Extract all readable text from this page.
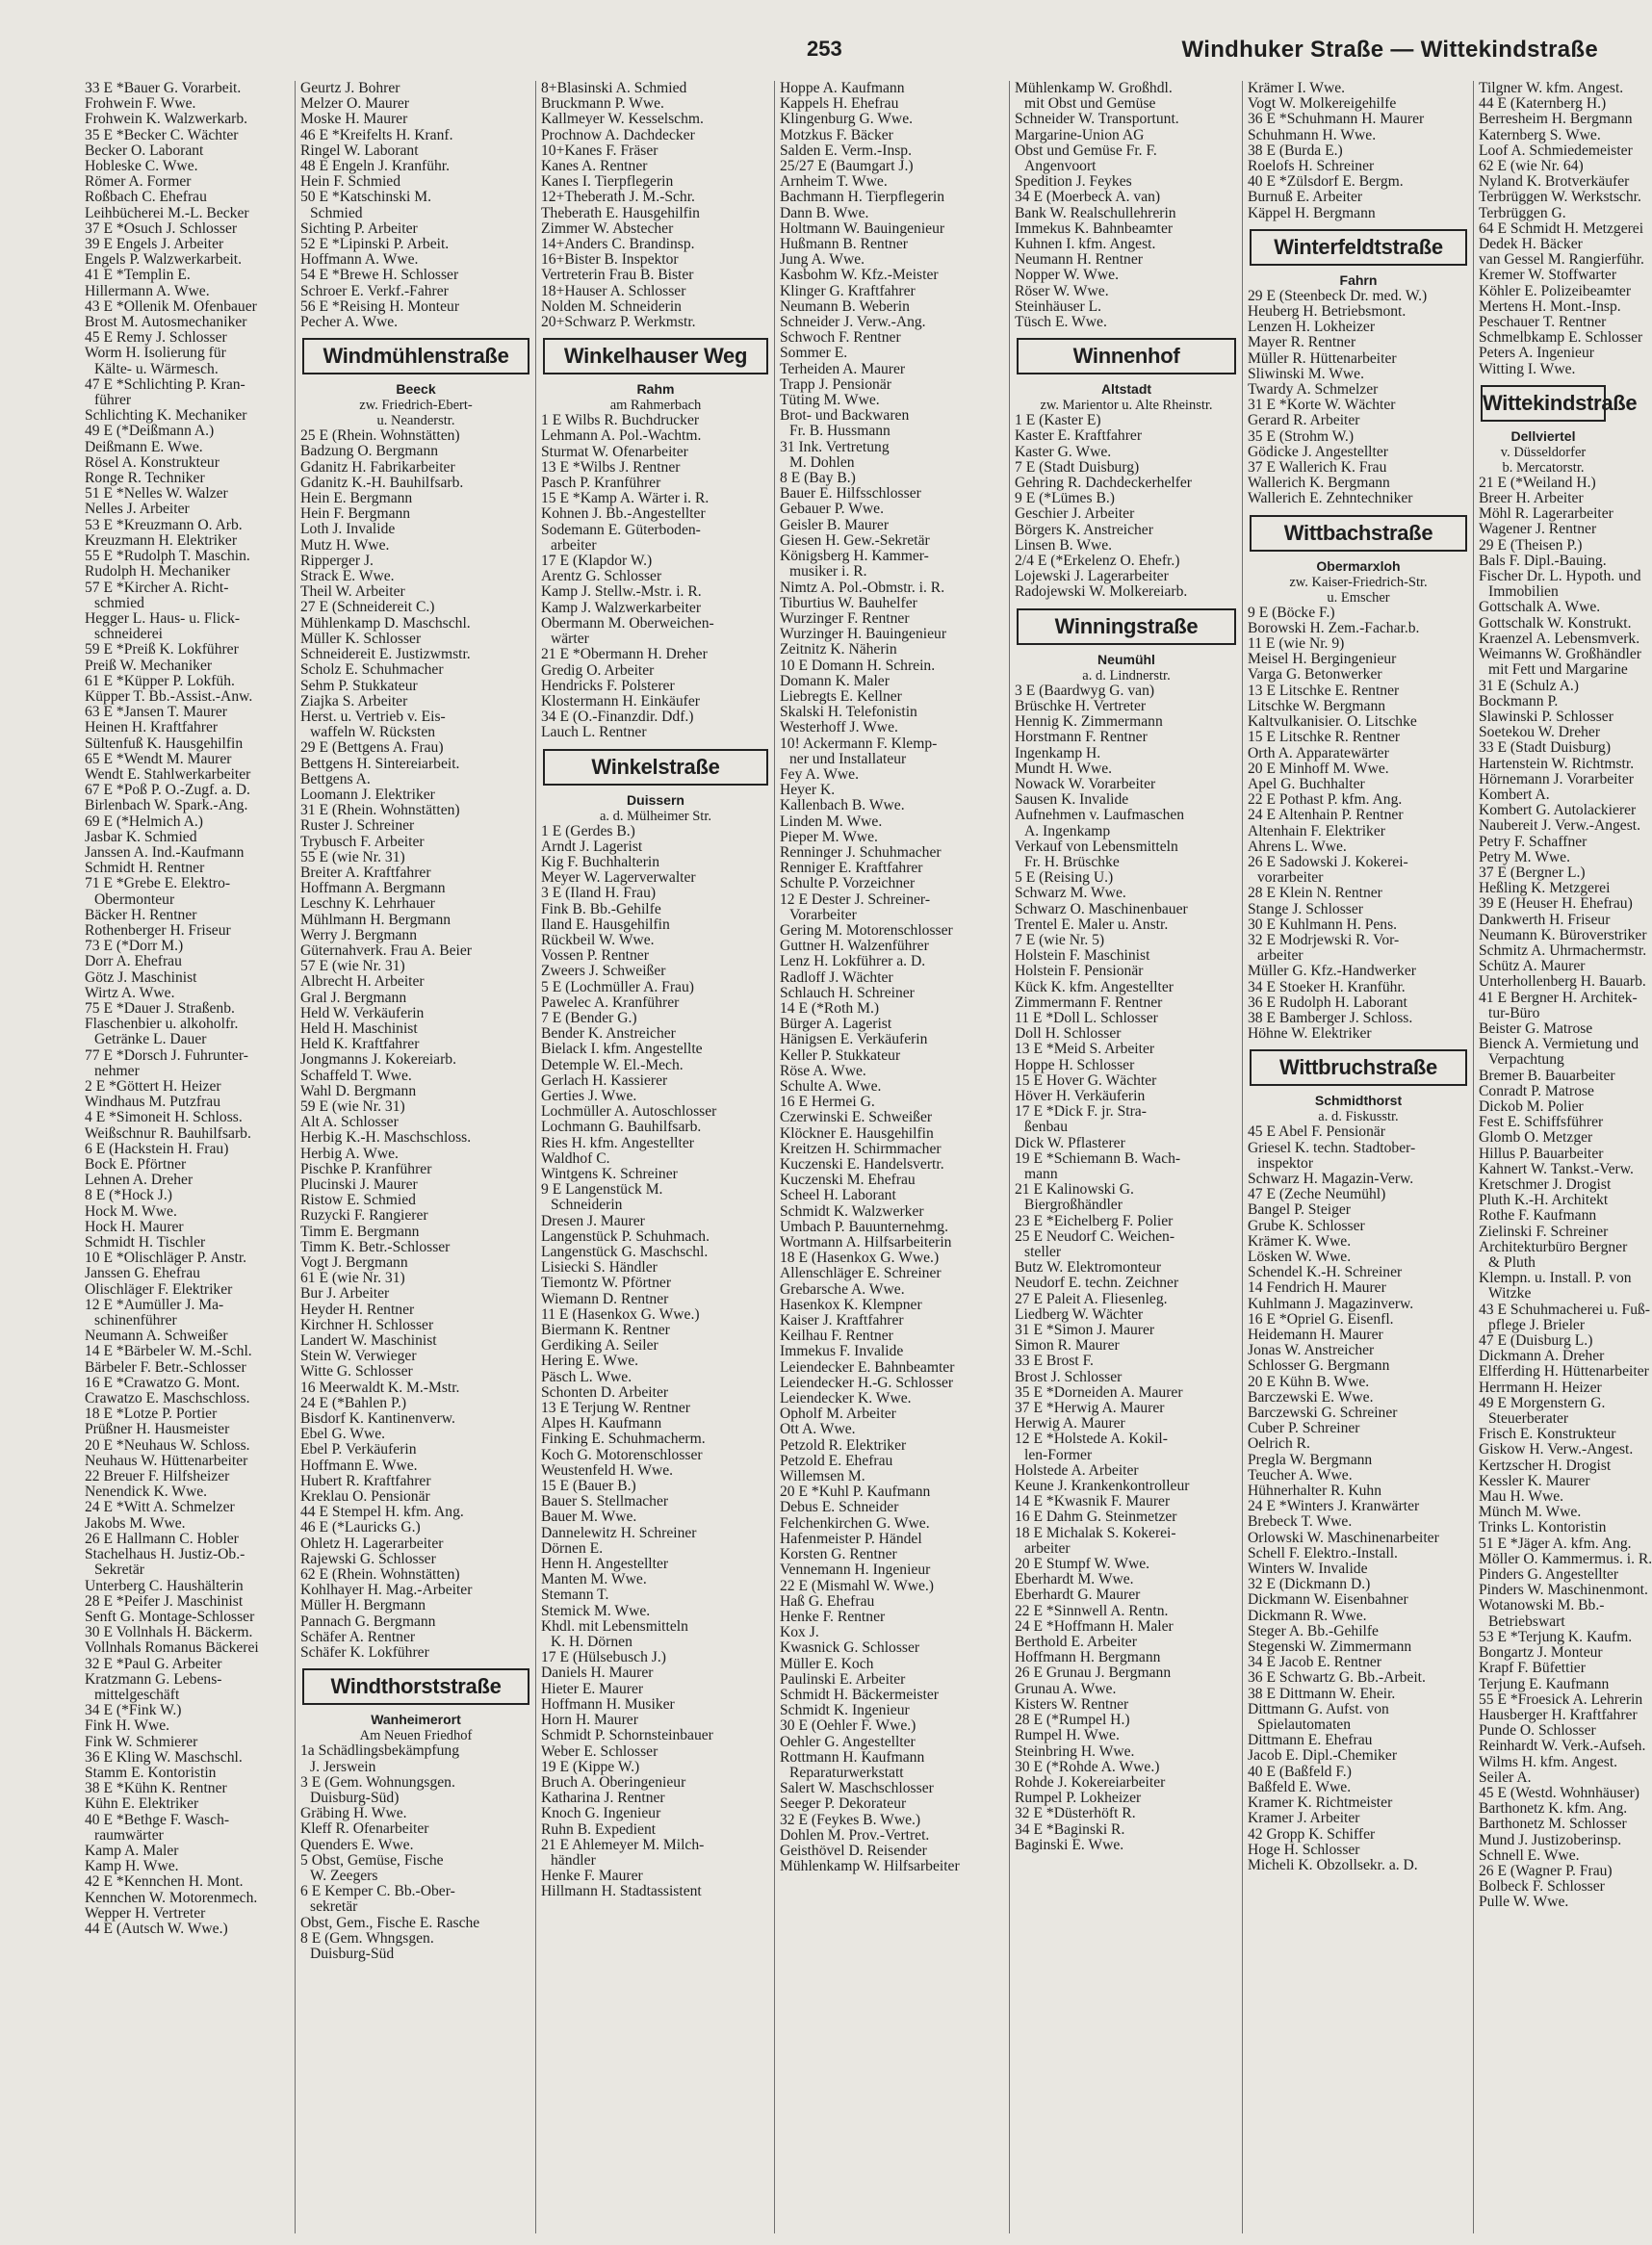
253	Windhuker Straße — Wittekindstraße
33 E *Bauer G. Vorarbeit.
Frohwein F. Wwe.
Frohwein K. Walzwerkarb.
35 E *Becker C. Wächter
Becker O. Laborant
Hobleske C. Wwe.
Römer A. Former
Roßbach C. Ehefrau
Leihbücherei M.-L. Becker
37 E *Osuch J. Schlosser
39 E Engels J. Arbeiter
Engels P. Walzwerkarbeit.
41 E *Templin E.
Hillermann A. Wwe.
43 E *Ollenik M. Ofenbauer
Brost M. Autosmechaniker
45 E Remy J. Schlosser
Worm H. Isolierung für
Kälte- u. Wärmesch.
47 E *Schlichting P. Kran-
führer
Schlichting K. Mechaniker
49 E (*Deißmann A.)
Deißmann E. Wwe.
Rösel A. Konstrukteur
Ronge R. Techniker
51 E *Nelles W. Walzer
Nelles J. Arbeiter
53 E *Kreuzmann O. Arb.
Kreuzmann H. Elektriker
55 E *Rudolph T. Maschin.
Rudolph H. Mechaniker
57 E *Kircher A. Richt-
schmied
Hegger L. Haus- u. Flick-
schneiderei
59 E *Preiß K. Lokführer
Preiß W. Mechaniker
61 E *Küpper P. Lokfüh.
Küpper T. Bb.-Assist.-Anw.
63 E *Jansen T. Maurer
Heinen H. Kraftfahrer
Sültenfuß K. Hausgehilfin
65 E *Wendt M. Maurer
Wendt E. Stahlwerkarbeiter
67 E *Poß P. O.-Zugf. a. D.
Birlenbach W. Spark.-Ang.
69 E (*Helmich A.)
Jasbar K. Schmied
Janssen A. Ind.-Kaufmann
Schmidt H. Rentner
71 E *Grebe E. Elektro-
Obermonteur
Bäcker H. Rentner
Rothenberger H. Friseur
73 E (*Dorr M.)
Dorr A. Ehefrau
Götz J. Maschinist
Wirtz A. Wwe.
75 E *Dauer J. Straßenb.
Flaschenbier u. alkoholfr.
Getränke L. Dauer
77 E *Dorsch J. Fuhrunter-
nehmer
2 E *Göttert H. Heizer
Windhaus M. Putzfrau
4 E *Simoneit H. Schloss.
Weißschnur R. Bauhilfsarb.
6 E (Hackstein H. Frau)
Bock E. Pförtner
Lehnen A. Dreher
8 E (*Hock J.)
Hock M. Wwe.
Hock H. Maurer
Schmidt H. Tischler
10 E *Olischläger P. Anstr.
Janssen G. Ehefrau
Olischläger F. Elektriker
12 E *Aumüller J. Ma-
schinenführer
Neumann A. Schweißer
14 E *Bärbeler W. M.-Schl.
Bärbeler F. Betr.-Schlosser
16 E *Crawatzo G. Mont.
Crawatzo E. Maschschloss.
18 E *Lotze P. Portier
Prüßner H. Hausmeister
20 E *Neuhaus W. Schloss.
Neuhaus W. Hüttenarbeiter
22 Breuer F. Hilfsheizer
Nenendick K. Wwe.
24 E *Witt A. Schmelzer
Jakobs M. Wwe.
26 E Hallmann C. Hobler
Stachelhaus H. Justiz-Ob.-
Sekretär
Unterberg C. Haushälterin
28 E *Peifer J. Maschinist
Senft G. Montage-Schlosser
30 E Vollnhals H. Bäckerm.
Vollnhals Romanus Bäckerei
32 E *Paul G. Arbeiter
Kratzmann G. Lebens-
mittelgeschäft
34 E (*Fink W.)
Fink H. Wwe.
Fink W. Schmierer
36 E Kling W. Maschschl.
Stamm E. Kontoristin
38 E *Kühn K. Rentner
Kühn E. Elektriker
40 E *Bethge F. Wasch-
raumwärter
Kamp A. Maler
Kamp H. Wwe.
42 E *Kennchen H. Mont.
Kennchen W. Motorenmech.
Wepper H. Vertreter
44 E (Autsch W. Wwe.)
Geurtz J. Bohrer
Melzer O. Maurer
Moske H. Maurer
46 E *Kreifelts H. Kranf.
Ringel W. Laborant
48 E Engeln J. Kranführ.
Hein F. Schmied
50 E *Katschinski M.
Schmied
Sichting P. Arbeiter
52 E *Lipinski P. Arbeit.
Hoffmann A. Wwe.
54 E *Brewe H. Schlosser
Schroer E. Verkf.-Fahrer
56 E *Reising H. Monteur
Pecher A. Wwe.
Windmühlenstraße
Beeck
zw. Friedrich-Ebert-
u. Neanderstr.
25 E (Rhein. Wohnstätten)
Badzung O. Bergmann
Gdanitz H. Fabrikarbeiter
Gdanitz K.-H. Bauhilfsarb.
Hein E. Bergmann
Hein F. Bergmann
Loth J. Invalide
Mutz H. Wwe.
Ripperger J.
Strack E. Wwe.
Theil W. Arbeiter
27 E (Schneidereit C.)
Mühlenkamp D. Maschschl.
Müller K. Schlosser
Schneidereit E. Justizwmstr.
Scholz E. Schuhmacher
Sehm P. Stukkateur
Ziajka S. Arbeiter
Herst. u. Vertrieb v. Eis-
waffeln W. Rücksten
29 E (Bettgens A. Frau)
Bettgens H. Sintereiarbeit.
Bettgens A.
Loomann J. Elektriker
31 E (Rhein. Wohnstätten)
Ruster J. Schreiner
Trybusch F. Arbeiter
55 E (wie Nr. 31)
Breiter A. Kraftfahrer
Hoffmann A. Bergmann
Leschny K. Lehrhauer
Mühlmann H. Bergmann
Werry J. Bergmann
Güternahverk. Frau A. Beier
57 E (wie Nr. 31)
Albrecht H. Arbeiter
Gral J. Bergmann
Held W. Verkäuferin
Held H. Maschinist
Held K. Kraftfahrer
Jongmanns J. Kokereiarb.
Schaffeld T. Wwe.
Wahl D. Bergmann
59 E (wie Nr. 31)
Alt A. Schlosser
Herbig K.-H. Maschschloss.
Herbig A. Wwe.
Pischke P. Kranführer
Plucinski J. Maurer
Ristow E. Schmied
Ruzycki F. Rangierer
Timm E. Bergmann
Timm K. Betr.-Schlosser
Vogt J. Bergmann
61 E (wie Nr. 31)
Bur J. Arbeiter
Heyder H. Rentner
Kirchner H. Schlosser
Landert W. Maschinist
Stein W. Verwieger
Witte G. Schlosser
16 Meerwaldt K. M.-Mstr.
24 E (*Bahlen P.)
Bisdorf K. Kantinenverw.
Ebel G. Wwe.
Ebel P. Verkäuferin
Hoffmann E. Wwe.
Hubert R. Kraftfahrer
Kreklau O. Pensionär
44 E Stempel H. kfm. Ang.
46 E (*Lauricks G.)
Ohletz H. Lagerarbeiter
Rajewski G. Schlosser
62 E (Rhein. Wohnstätten)
Kohlhayer H. Mag.-Arbeiter
Müller H. Bergmann
Pannach G. Bergmann
Schäfer A. Rentner
Schäfer K. Lokführer
Windthorststraße
Wanheimerort
Am Neuen Friedhof
1a Schädlingsbekämpfung
J. Jerswein
3 E (Gem. Wohnungsgen.
Duisburg-Süd)
Gräbing H. Wwe.
Kleff R. Ofenarbeiter
Quenders E. Wwe.
5 Obst, Gemüse, Fische
W. Zeegers
6 E Kemper C. Bb.-Ober-
sekretär
Obst, Gem., Fische E. Rasche
8 E (Gem. Whngsgen.
Duisburg-Süd
8+Blasinski A. Schmied
Bruckmann P. Wwe.
Kallmeyer W. Kesselschm.
Prochnow A. Dachdecker
10+Kanes F. Fräser
Kanes A. Rentner
Kanes I. Tierpflegerin
12+Theberath J. M.-Schr.
Theberath E. Hausgehilfin
Zimmer W. Abstecher
14+Anders C. Brandinsp.
16+Bister B. Inspektor
Vertreterin Frau B. Bister
18+Hauser A. Schlosser
Nolden M. Schneiderin
20+Schwarz P. Werkmstr.
Winkelhauser Weg
Rahm
am Rahmerbach
1 E Wilbs R. Buchdrucker
Lehmann A. Pol.-Wachtm.
Sturmat W. Ofenarbeiter
13 E *Wilbs J. Rentner
Pasch P. Kranführer
15 E *Kamp A. Wärter i. R.
Kohnen J. Bb.-Angestellter
Sodemann E. Güterboden-
arbeiter
17 E (Klapdor W.)
Arentz G. Schlosser
Kamp J. Stellw.-Mstr. i. R.
Kamp J. Walzwerkarbeiter
Obermann M. Oberweichen-
wärter
21 E *Obermann H. Dreher
Gredig O. Arbeiter
Hendricks F. Polsterer
Klostermann H. Einkäufer
34 E (O.-Finanzdir. Ddf.)
Lauch L. Rentner
Winkelstraße
Duissern
a. d. Mülheimer Str.
1 E (Gerdes B.)
Arndt J. Lagerist
Kig F. Buchhalterin
Meyer W. Lagerverwalter
3 E (Iland H. Frau)
Fink B. Bb.-Gehilfe
Iland E. Hausgehilfin
Rückbeil W. Wwe.
Vossen P. Rentner
Zweers J. Schweißer
5 E (Lochmüller A. Frau)
Pawelec A. Kranführer
7 E (Bender G.)
Bender K. Anstreicher
Bielack I. kfm. Angestellte
Detemple W. El.-Mech.
Gerlach H. Kassierer
Gerties J. Wwe.
Lochmüller A. Autoschlosser
Lochmann G. Bauhilfsarb.
Ries H. kfm. Angestellter
Waldhof C.
Wintgens K. Schreiner
9 E Langenstück M.
Schneiderin
Dresen J. Maurer
Langenstück P. Schuhmach.
Langenstück G. Maschschl.
Lisiecki S. Händler
Tiemontz W. Pförtner
Wiemann D. Rentner
11 E (Hasenkox G. Wwe.)
Biermann K. Rentner
Gerdiking A. Seiler
Hering E. Wwe.
Päsch L. Wwe.
Schonten D. Arbeiter
13 E Terjung W. Rentner
Alpes H. Kaufmann
Finking E. Schuhmacherm.
Koch G. Motorenschlosser
Weustenfeld H. Wwe.
15 E (Bauer B.)
Bauer S. Stellmacher
Bauer M. Wwe.
Dannelewitz H. Schreiner
Dörnen E.
Henn H. Angestellter
Manten M. Wwe.
Stemann T.
Stemick M. Wwe.
Khdl. mit Lebensmitteln
K. H. Dörnen
17 E (Hülsebusch J.)
Daniels H. Maurer
Hieter E. Maurer
Hoffmann H. Musiker
Horn H. Maurer
Schmidt P. Schornsteinbauer
Weber E. Schlosser
19 E (Kippe W.)
Bruch A. Oberingenieur
Katharina J. Rentner
Knoch G. Ingenieur
Ruhn B. Expedient
21 E Ahlemeyer M. Milch-
händler
Henke F. Maurer
Hillmann H. Stadtassistent
Hoppe A. Kaufmann
Kappels H. Ehefrau
Klingenburg G. Wwe.
Motzkus F. Bäcker
Salden E. Verm.-Insp.
25/27 E (Baumgart J.)
Arnheim T. Wwe.
Bachmann H. Tierpflegerin
Dann B. Wwe.
Holtmann W. Bauingenieur
Hußmann B. Rentner
Jung A. Wwe.
Kasbohm W. Kfz.-Meister
Klinger G. Kraftfahrer
Neumann B. Weberin
Schneider J. Verw.-Ang.
Schwoch F. Rentner
Sommer E.
Terheiden A. Maurer
Trapp J. Pensionär
Tüting M. Wwe.
Brot- und Backwaren
Fr. B. Hussmann
31 Ink. Vertretung
M. Dohlen
8 E (Bay B.)
Bauer E. Hilfsschlosser
Gebauer P. Wwe.
Geisler B. Maurer
Giesen H. Gew.-Sekretär
Königsberg H. Kammer-
musiker i. R.
Nimtz A. Pol.-Obmstr. i. R.
Tiburtius W. Bauhelfer
Wurzinger F. Rentner
Wurzinger H. Bauingenieur
Zeitnitz K. Näherin
10 E Domann H. Schrein.
Domann K. Maler
Liebregts E. Kellner
Skalski H. Telefonistin
Westerhoff J. Wwe.
10! Ackermann F. Klemp-
ner und Installateur
Fey A. Wwe.
Heyer K.
Kallenbach B. Wwe.
Linden M. Wwe.
Pieper M. Wwe.
Renninger J. Schuhmacher
Renniger E. Kraftfahrer
Schulte P. Vorzeichner
12 E Dester J. Schreiner-
Vorarbeiter
Gering M. Motorenschlosser
Guttner H. Walzenführer
Lenz H. Lokführer a. D.
Radloff J. Wächter
Schlauch H. Schreiner
14 E (*Roth M.)
Bürger A. Lagerist
Hänigsen E. Verkäuferin
Keller P. Stukkateur
Röse A. Wwe.
Schulte A. Wwe.
16 E Hermei G.
Czerwinski E. Schweißer
Klöckner E. Hausgehilfin
Kreitzen H. Schirmmacher
Kuczenski E. Handelsvertr.
Kuczenski M. Ehefrau
Scheel H. Laborant
Schmidt K. Walzwerker
Umbach P. Bauunternehmg.
Wortmann A. Hilfsarbeiterin
18 E (Hasenkox G. Wwe.)
Allenschläger E. Schreiner
Grebarsche A. Wwe.
Hasenkox K. Klempner
Kaiser J. Kraftfahrer
Keilhau F. Rentner
Immekus F. Invalide
Leiendecker E. Bahnbeamter
Leiendecker H.-G. Schlosser
Leiendecker K. Wwe.
Opholf M. Arbeiter
Ott A. Wwe.
Petzold R. Elektriker
Petzold E. Ehefrau
Willemsen M.
20 E *Kuhl P. Kaufmann
Debus E. Schneider
Felchenkirchen G. Wwe.
Hafenmeister P. Händel
Korsten G. Rentner
Vennemann H. Ingenieur
22 E (Mismahl W. Wwe.)
Haß G. Ehefrau
Henke F. Rentner
Kox J.
Kwasnick G. Schlosser
Müller E. Koch
Paulinski E. Arbeiter
Schmidt H. Bäckermeister
Schmidt K. Ingenieur
30 E (Oehler F. Wwe.)
Oehler G. Angestellter
Rottmann H. Kaufmann
Reparaturwerkstatt
Salert W. Maschschlosser
Seeger P. Dekorateur
32 E (Feykes B. Wwe.)
Dohlen M. Prov.-Vertret.
Geisthövel D. Reisender
Mühlenkamp W. Hilfsarbeiter
Mühlenkamp W. Großhdl.
mit Obst und Gemüse
Schneider W. Transportunt.
Margarine-Union AG
Obst und Gemüse Fr. F.
Angenvoort
Spedition J. Feykes
34 E (Moerbeck A. van)
Bank W. Realschullehrerin
Immekus K. Bahnbeamter
Kuhnen I. kfm. Angest.
Neumann H. Rentner
Nopper W. Wwe.
Röser W. Wwe.
Steinhäuser L.
Tüsch E. Wwe.
Winnenhof
Altstadt
zw. Marientor u. Alte Rheinstr.
1 E (Kaster E)
Kaster E. Kraftfahrer
Kaster G. Wwe.
7 E (Stadt Duisburg)
Gehring R. Dachdeckerhelfer
9 E (*Lümes B.)
Geschier J. Arbeiter
Börgers K. Anstreicher
Linsen B. Wwe.
2/4 E (*Erkelenz O. Ehefr.)
Lojewski J. Lagerarbeiter
Radojewski W. Molkereiarb.
Winningstraße
Neumühl
a. d. Lindnerstr.
3 E (Baardwyg G. van)
Brüschke H. Vertreter
Hennig K. Zimmermann
Horstmann F. Rentner
Ingenkamp H.
Mundt H. Wwe.
Nowack W. Vorarbeiter
Sausen K. Invalide
Aufnehmen v. Laufmaschen
A. Ingenkamp
Verkauf von Lebensmitteln
Fr. H. Brüschke
5 E (Reising U.)
Schwarz M. Wwe.
Schwarz O. Maschinenbauer
Trentel E. Maler u. Anstr.
7 E (wie Nr. 5)
Holstein F. Maschinist
Holstein F. Pensionär
Kück K. kfm. Angestellter
Zimmermann F. Rentner
11 E *Doll L. Schlosser
Doll H. Schlosser
13 E *Meid S. Arbeiter
Hoppe H. Schlosser
15 E Hover G. Wächter
Höver H. Verkäuferin
17 E *Dick F. jr. Stra-
ßenbau
Dick W. Pflasterer
19 E *Schiemann B. Wach-
mann
21 E Kalinowski G.
Biergroßhändler
23 E *Eichelberg F. Polier
25 E Neudorf C. Weichen-
steller
Butz W. Elektromonteur
Neudorf E. techn. Zeichner
27 E Paleit A. Fliesenleg.
Liedberg W. Wächter
31 E *Simon J. Maurer
Simon R. Maurer
33 E Brost F.
Brost J. Schlosser
35 E *Dorneiden A. Maurer
37 E *Herwig A. Maurer
Herwig A. Maurer
12 E *Holstede A. Kokil-
len-Former
Holstede A. Arbeiter
Keune J. Krankenkontrolleur
14 E *Kwasnik F. Maurer
16 E Dahm G. Steinmetzer
18 E Michalak S. Kokerei-
arbeiter
20 E Stumpf W. Wwe.
Eberhardt M. Wwe.
Eberhardt G. Maurer
22 E *Sinnwell A. Rentn.
24 E *Hoffmann H. Maler
Berthold E. Arbeiter
Hoffmann H. Bergmann
26 E Grunau J. Bergmann
Grunau A. Wwe.
Kisters W. Rentner
28 E (*Rumpel H.)
Rumpel H. Wwe.
Steinbring H. Wwe.
30 E (*Rohde A. Wwe.)
Rohde J. Kokereiarbeiter
Rumpel P. Lokheizer
32 E *Düsterhöft R.
34 E *Baginski R.
Baginski E. Wwe.
Krämer I. Wwe.
Vogt W. Molkereigehilfe
36 E *Schuhmann H. Maurer
Schuhmann H. Wwe.
38 E (Burda E.)
Roelofs H. Schreiner
40 E *Zülsdorf E. Bergm.
Burnuß E. Arbeiter
Käppel H. Bergmann
Winterfeldtstraße
Fahrn
29 E (Steenbeck Dr. med. W.)
Heuberg H. Betriebsmont.
Lenzen H. Lokheizer
Mayer R. Rentner
Müller R. Hüttenarbeiter
Sliwinski M. Wwe.
Twardy A. Schmelzer
31 E *Korte W. Wächter
Gerard R. Arbeiter
35 E (Strohm W.)
Gödicke J. Angestellter
37 E Wallerich K. Frau
Wallerich K. Bergmann
Wallerich E. Zehntechniker
Wittbachstraße
Obermarxloh
zw. Kaiser-Friedrich-Str.
u. Emscher
9 E (Böcke F.)
Borowski H. Zem.-Fachar.b.
11 E (wie Nr. 9)
Meisel H. Bergingenieur
Varga G. Betonwerker
13 E Litschke E. Rentner
Litschke W. Bergmann
Kaltvulkanisier. O. Litschke
15 E Litschke R. Rentner
Orth A. Apparatewärter
20 E Minhoff M. Wwe.
Apel G. Buchhalter
22 E Pothast P. kfm. Ang.
24 E Altenhain P. Rentner
Altenhain F. Elektriker
Ahrens L. Wwe.
26 E Sadowski J. Kokerei-
vorarbeiter
28 E Klein N. Rentner
Stange J. Schlosser
30 E Kuhlmann H. Pens.
32 E Modrjewski R. Vor-
arbeiter
Müller G. Kfz.-Handwerker
34 E Stoeker H. Kranführ.
36 E Rudolph H. Laborant
38 E Bamberger J. Schloss.
Höhne W. Elektriker
Wittbruchstraße
Schmidthorst
a. d. Fiskusstr.
45 E Abel F. Pensionär
Griesel K. techn. Stadtober-
inspektor
Schwarz H. Magazin-Verw.
47 E (Zeche Neumühl)
Bangel P. Steiger
Grube K. Schlosser
Krämer K. Wwe.
Lösken W. Wwe.
Schendel K.-H. Schreiner
14 Fendrich H. Maurer
Kuhlmann J. Magazinverw.
16 E *Opriel G. Eisenfl.
Heidemann H. Maurer
Jonas W. Anstreicher
Schlosser G. Bergmann
20 E Kühn B. Wwe.
Barczewski E. Wwe.
Barczewski G. Schreiner
Cuber P. Schreiner
Oelrich R.
Pregla W. Bergmann
Teucher A. Wwe.
Hühnerhalter R. Kuhn
24 E *Winters J. Kranwärter
Brebeck T. Wwe.
Orlowski W. Maschinenarbeiter
Schell F. Elektro.-Install.
Winters W. Invalide
32 E (Dickmann D.)
Dickmann W. Eisenbahner
Dickmann R. Wwe.
Steger A. Bb.-Gehilfe
Stegenski W. Zimmermann
34 E Jacob E. Rentner
36 E Schwartz G. Bb.-Arbeit.
38 E Dittmann W. Eheir.
Dittmann G. Aufst. von
Spielautomaten
Dittmann E. Ehefrau
Jacob E. Dipl.-Chemiker
40 E (Baßfeld F.)
Baßfeld E. Wwe.
Kramer K. Richtmeister
Kramer J. Arbeiter
42 Gropp K. Schiffer
Hoge H. Schlosser
Micheli K. Obzollsekr. a. D.
Tilgner W. kfm. Angest.
44 E (Katernberg H.)
Berresheim H. Bergmann
Katernberg S. Wwe.
Loof A. Schmiedemeister
62 E (wie Nr. 64)
Nyland K. Brotverkäufer
Terbrüggen W. Werkstschr.
Terbrüggen G.
64 E Schmidt H. Metzgerei
Dedek H. Bäcker
van Gessel M. Rangierführ.
Kremer W. Stoffwarter
Köhler E. Polizeibeamter
Mertens H. Mont.-Insp.
Peschauer T. Rentner
Schmelbkamp E. Schlosser
Peters A. Ingenieur
Witting I. Wwe.
Wittekindstraße
Dellviertel
v. Düsseldorfer
b. Mercatorstr.
21 E (*Weiland H.)
Breer H. Arbeiter
Möhl R. Lagerarbeiter
Wagener J. Rentner
29 E (Theisen P.)
Bals F. Dipl.-Bauing.
Fischer Dr. L. Hypoth. und
Immobilien
Gottschalk A. Wwe.
Gottschalk W. Konstrukt.
Kraenzel A. Lebensmverk.
Weimanns W. Großhändler
mit Fett und Margarine
31 E (Schulz A.)
Bockmann P.
Slawinski P. Schlosser
Soetekou W. Dreher
33 E (Stadt Duisburg)
Hartenstein W. Richtmstr.
Hörnemann J. Vorarbeiter
Kombert A.
Kombert G. Autolackierer
Naubereit J. Verw.-Angest.
Petry F. Schaffner
Petry M. Wwe.
37 E (Bergner L.)
Heßling K. Metzgerei
39 E (Heuser H. Ehefrau)
Dankwerth H. Friseur
Neumann K. Büroverstriker
Schmitz A. Uhrmachermstr.
Schütz A. Maurer
Unterhollenberg H. Bauarb.
41 E Bergner H. Architek-
tur-Büro
Beister G. Matrose
Bienck A. Vermietung und
Verpachtung
Bremer B. Bauarbeiter
Conradt P. Matrose
Dickob M. Polier
Fest E. Schiffsführer
Glomb O. Metzger
Hillus P. Bauarbeiter
Kahnert W. Tankst.-Verw.
Kretschmer J. Drogist
Pluth K.-H. Architekt
Rothe F. Kaufmann
Zielinski F. Schreiner
Architekturbüro Bergner
& Pluth
Klempn. u. Install. P. von
Witzke
43 E Schuhmacherei u. Fuß-
pflege J. Brieler
47 E (Duisburg L.)
Dickmann A. Dreher
Elfferding H. Hüttenarbeiter
Herrmann H. Heizer
49 E Morgenstern G.
Steuerberater
Frisch E. Konstrukteur
Giskow H. Verw.-Angest.
Kertzscher H. Drogist
Kessler K. Maurer
Mau H. Wwe.
Münch M. Wwe.
Trinks L. Kontoristin
51 E *Jäger A. kfm. Ang.
Möller O. Kammermus. i. R.
Pinders G. Angestellter
Pinders W. Maschinenmont.
Wotanowski M. Bb.-
Betriebswart
53 E *Terjung K. Kaufm.
Bongartz J. Monteur
Krapf F. Büfettier
Terjung E. Kaufmann
55 E *Froesick A. Lehrerin
Hausberger H. Kraftfahrer
Punde O. Schlosser
Reinhardt W. Verk.-Aufseh.
Wilms H. kfm. Angest.
Seiler A.
45 E (Westd. Wohnhäuser)
Barthonetz K. kfm. Ang.
Barthonetz M. Schlosser
Mund J. Justizoberinsp.
Schnell E. Wwe.
26 E (Wagner P. Frau)
Bolbeck F. Schlosser
Pulle W. Wwe.
